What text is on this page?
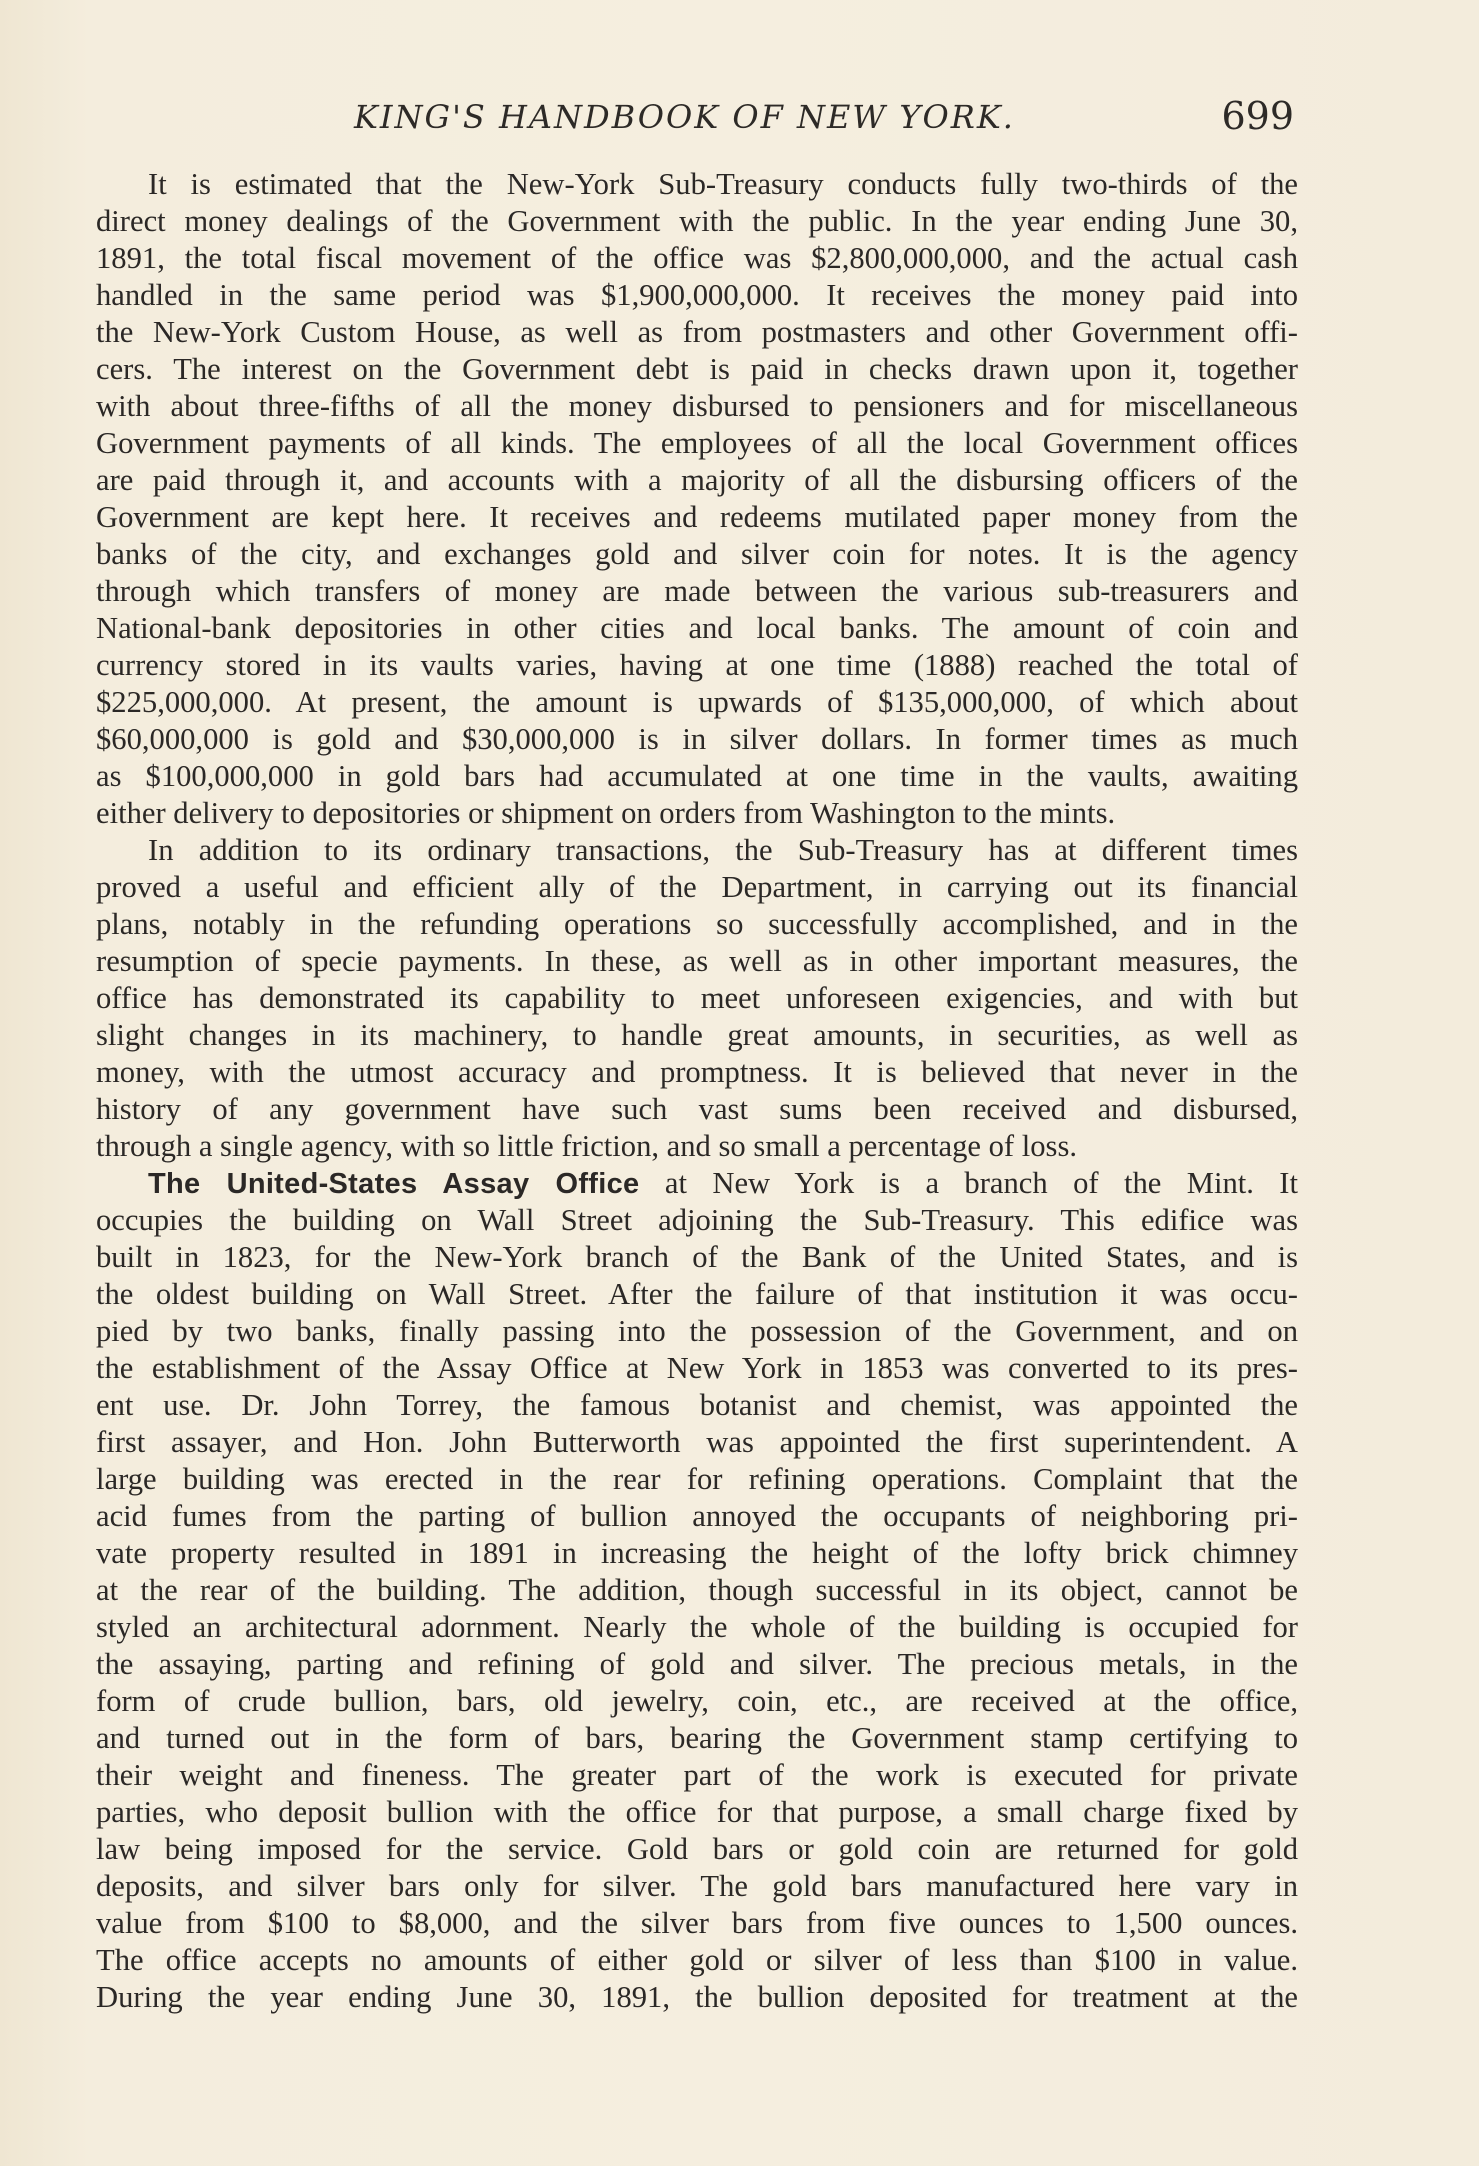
KING'S HANDBOOK OF NEW YORK.	699
It is estimated that the New-York Sub-Treasury conducts fully two-thirds of the
direct money dealings of the Government with the public. In the year ending June 30,
1891, the total fiscal movement of the office was $2,800,000,000, and the actual cash
handled in the same period was $1,900,000,000. It receives the money paid into
the New-York Custom House, as well as from postmasters and other Government offi-
cers. The interest on the Government debt is paid in checks drawn upon it, together
with about three-fifths of all the money disbursed to pensioners and for miscellaneous
Government payments of all kinds. The employees of all the local Government offices
are paid through it, and accounts with a majority of all the disbursing officers of the
Government are kept here. It receives and redeems mutilated paper money from the
banks of the city, and exchanges gold and silver coin for notes. It is the agency
through which transfers of money are made between the various sub-treasurers and
National-bank depositories in other cities and local banks. The amount of coin and
currency stored in its vaults varies, having at one time (1888) reached the total of
$225,000,000. At present, the amount is upwards of $135,000,000, of which about
$60,000,000 is gold and $30,000,000 is in silver dollars. In former times as much
as $100,000,000 in gold bars had accumulated at one time in the vaults, awaiting
either delivery to depositories or shipment on orders from Washington to the mints.
In addition to its ordinary transactions, the Sub-Treasury has at different times
proved a useful and efficient ally of the Department, in carrying out its financial
plans, notably in the refunding operations so successfully accomplished, and in the
resumption of specie payments. In these, as well as in other important measures, the
office has demonstrated its capability to meet unforeseen exigencies, and with but
slight changes in its machinery, to handle great amounts, in securities, as well as
money, with the utmost accuracy and promptness. It is believed that never in the
history of any government have such vast sums been received and disbursed,
through a single agency, with so little friction, and so small a percentage of loss.
The United-States Assay Office at New York is a branch of the Mint. It
occupies the building on Wall Street adjoining the Sub-Treasury. This edifice was
built in 1823, for the New-York branch of the Bank of the United States, and is
the oldest building on Wall Street. After the failure of that institution it was occu-
pied by two banks, finally passing into the possession of the Government, and on
the establishment of the Assay Office at New York in 1853 was converted to its pres-
ent use. Dr. John Torrey, the famous botanist and chemist, was appointed the
first assayer, and Hon. John Butterworth was appointed the first superintendent. A
large building was erected in the rear for refining operations. Complaint that the
acid fumes from the parting of bullion annoyed the occupants of neighboring pri-
vate property resulted in 1891 in increasing the height of the lofty brick chimney
at the rear of the building. The addition, though successful in its object, cannot be
styled an architectural adornment. Nearly the whole of the building is occupied for
the assaying, parting and refining of gold and silver. The precious metals, in the
form of crude bullion, bars, old jewelry, coin, etc., are received at the office,
and turned out in the form of bars, bearing the Government stamp certifying to
their weight and fineness. The greater part of the work is executed for private
parties, who deposit bullion with the office for that purpose, a small charge fixed by
law being imposed for the service. Gold bars or gold coin are returned for gold
deposits, and silver bars only for silver. The gold bars manufactured here vary in
value from $100 to $8,000, and the silver bars from five ounces to 1,500 ounces.
The office accepts no amounts of either gold or silver of less than $100 in value.
During the year ending June 30, 1891, the bullion deposited for treatment at the
